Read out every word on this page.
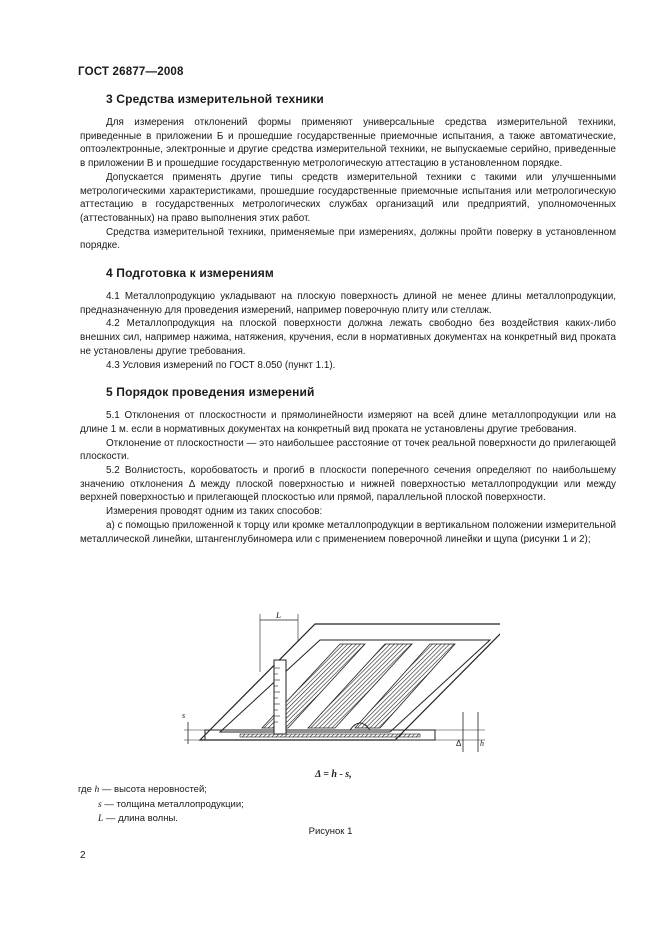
ГОСТ 26877—2008
3 Средства измерительной техники

Для измерения отклонений формы применяют универсальные средства измерительной техники, приведенные в приложении Б и прошедшие государственные приемочные испытания, а также автоматические, оптоэлектронные, электронные и другие средства измерительной техники, не выпускаемые серийно, приведенные в приложении В и прошедшие государственную метрологическую аттестацию в установленном порядке.

Допускается применять другие типы средств измерительной техники с такими или улучшенными метрологическими характеристиками, прошедшие государственные приемочные испытания или метрологическую аттестацию в государственных метрологических службах организаций или предприятий, уполномоченных (аттестованных) на право выполнения этих работ.

Средства измерительной техники, применяемые при измерениях, должны пройти поверку в установленном порядке.

4 Подготовка к измерениям

4.1 Металлопродукцию укладывают на плоскую поверхность длиной не менее длины металлопродукции, предназначенную для проведения измерений, например поверочную плиту или стеллаж.

4.2 Металлопродукция на плоской поверхности должна лежать свободно без воздействия каких-либо внешних сил, например нажима, натяжения, кручения, если в нормативных документах на конкретный вид проката не установлены другие требования.

4.3 Условия измерений по ГОСТ 8.050 (пункт 1.1).

5 Порядок проведения измерений

5.1 Отклонения от плоскостности и прямолинейности измеряют на всей длине металлопродукции или на длине 1 м. если в нормативных документах на конкретный вид проката не установлены другие требования.

Отклонение от плоскостности — это наибольшее расстояние от точек реальной поверхности до прилегающей плоскости.

5.2 Волнистость, коробоватость и прогиб в плоскости поперечного сечения определяют по наибольшему значению отклонения Δ между плоской поверхностью и нижней поверхностью металлопродукции или между верхней поверхностью и прилегающей плоскостью или прямой, параллельной плоской поверхности.

Измерения проводят одним из таких способов:

а) с помощью приложенной к торцу или кромке металлопродукции в вертикальном положении измерительной металлической линейки, штангенглубиномера или с применением поверочной линейки и щупа (рисунки 1 и 2);

L
s
Δ h
Δ = h - s,
где h — высота неровностей;
s — толщина металлопродукции;
L — длина волны.
Рисунок 1
2
